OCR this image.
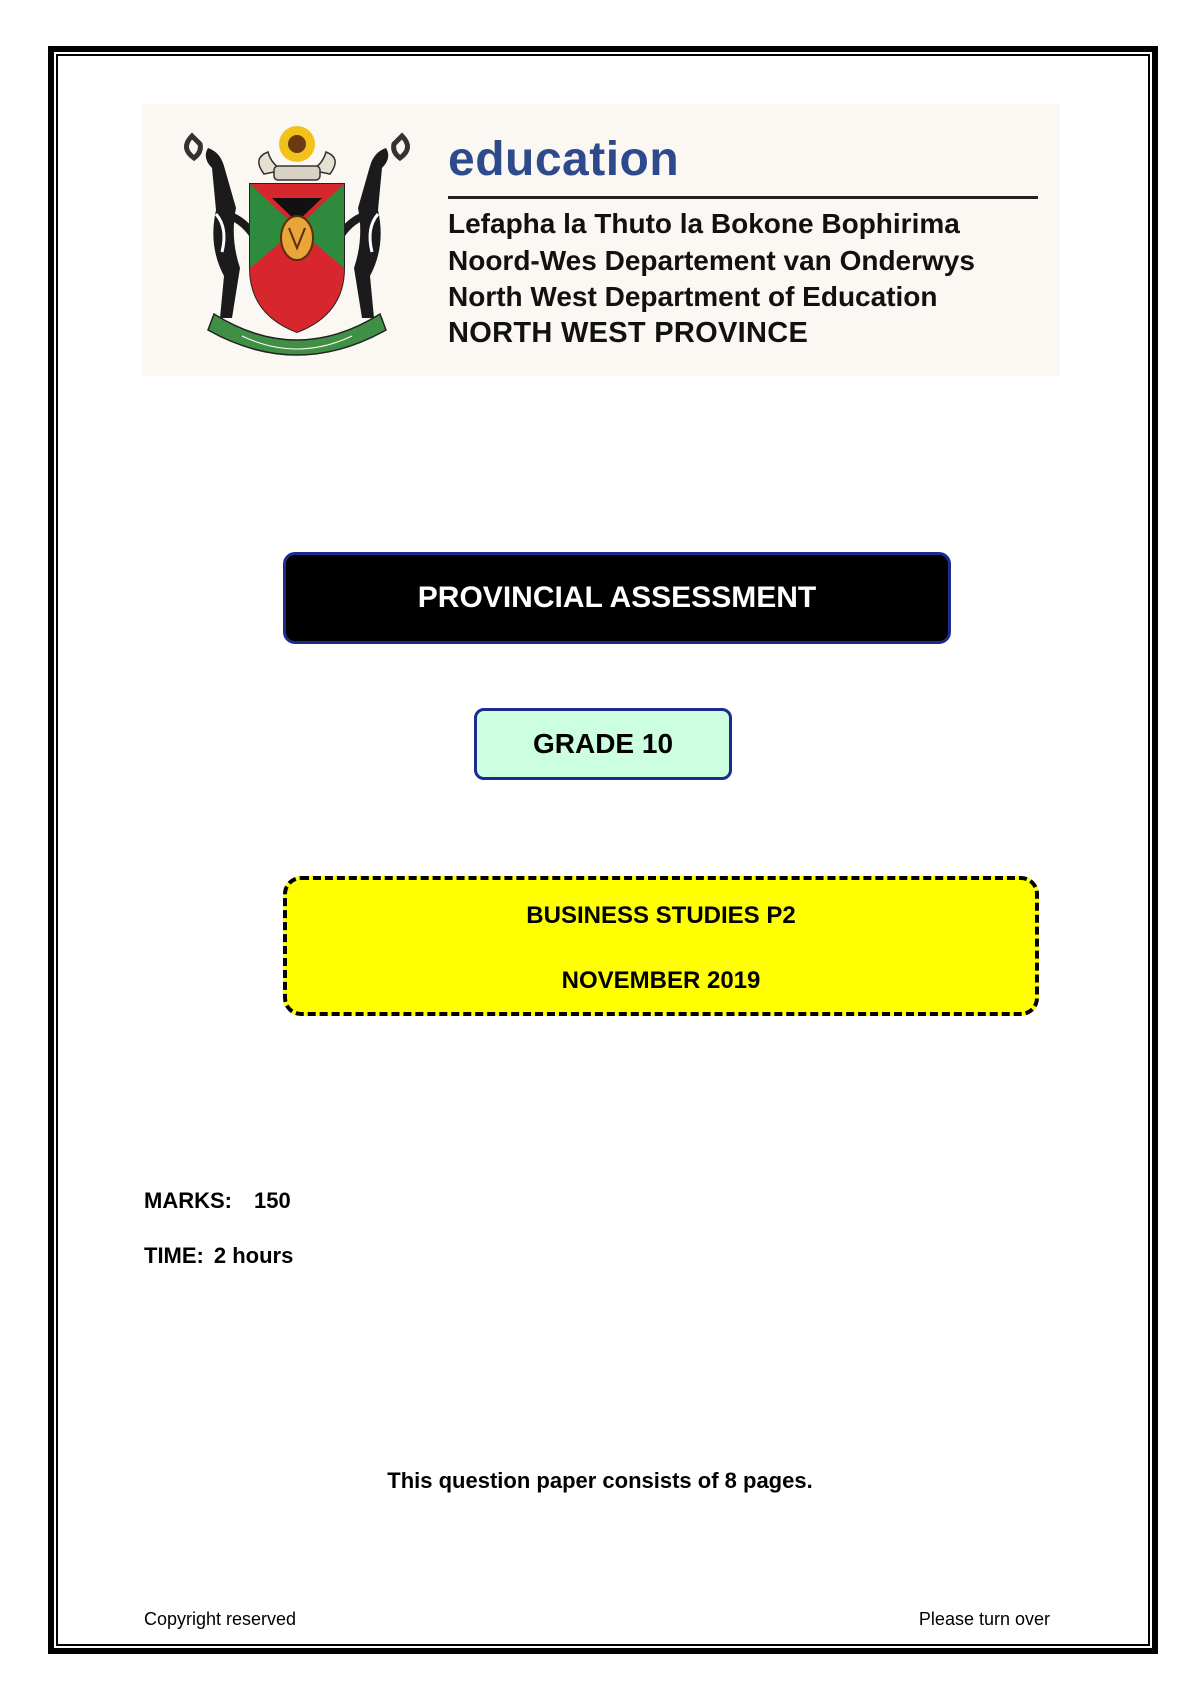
education
Lefapha la Thuto la Bokone Bophirima
Noord-Wes Departement van Onderwys
North West Department of Education
NORTH WEST PROVINCE
PROVINCIAL ASSESSMENT
GRADE 10
BUSINESS STUDIES P2
NOVEMBER 2019
MARKS: 150
TIME: 2 hours
This question paper consists of 8 pages.
Copyright reserved	Please turn over
